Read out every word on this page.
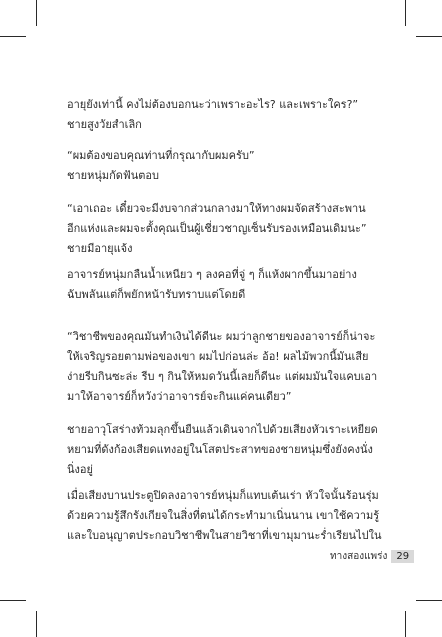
อายุยังเท่านี้ คงไม่ต้องบอกนะว่าเพราะอะไร? และเพราะใคร?”
ชายสูงวัยสำเลิก
“ผมต้องขอบคุณท่านที่กรุณากับผมครับ”
ชายหนุ่มกัดฟันตอบ
“เอาเถอะ เดี๋ยวจะมีงบจากส่วนกลางมาให้ทางผมจัดสร้างสะพาน
อีกแห่งและผมจะตั้งคุณเป็นผู้เชี่ยวชาญเซ็นรับรองเหมือนเดิมนะ”
ชายมีอายุแจ้ง
อาจารย์หนุ่มกลืนน้ำเหนียว ๆ ลงคอที่จู่ ๆ ก็แห้งผากขึ้นมาอย่าง
ฉับพลันแต่ก็พยักหน้ารับทราบแต่โดยดี
“วิชาชีพของคุณมันทำเงินได้ดีนะ ผมว่าลูกชายของอาจารย์ก็น่าจะ
ให้เจริญรอยตามพ่อของเขา ผมไปก่อนล่ะ อ้อ! ผลไม้พวกนี้มันเสีย
ง่ายรีบกินซะล่ะ รีบ ๆ กินให้หมดวันนี้เลยก็ดีนะ แต่ผมมันใจแคบเอา
มาให้อาจารย์ก็หวังว่าอาจารย์จะกินแค่คนเดียว”
ชายอาวุโสร่างท้วมลุกขึ้นยืนแล้วเดินจากไปด้วยเสียงหัวเราะเหยียด
หยามที่ดังก้องเสียดแทงอยู่ในโสตประสาทของชายหนุ่มซึ่งยังคงนั่ง
นิ่งอยู่
เมื่อเสียงบานประตูปิดลงอาจารย์หนุ่มก็แทบเต้นเร่า หัวใจนั้นร้อนรุ่ม
ด้วยความรู้สึกรังเกียจในสิ่งที่ตนได้กระทำมาเนิ่นนาน เขาใช้ความรู้
และใบอนุญาตประกอบวิชาชีพในสายวิชาที่เขามุมานะร่ำเรียนไปใน
ทางสองแพร่ง 29
